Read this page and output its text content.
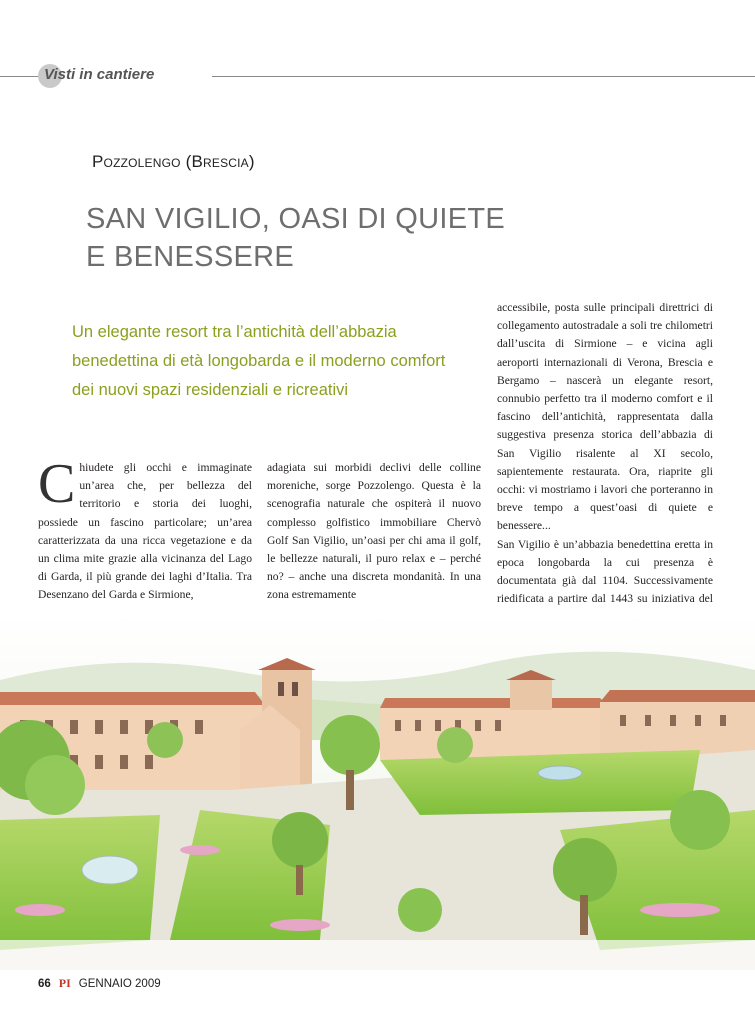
Visti in cantiere
Pozzolengo (Brescia)
SAN VIGILIO, OASI DI QUIETE
E BENESSERE
Un elegante resort tra l’antichità dell’abbazia benedettina di età longobarda e il moderno comfort dei nuovi spazi residenziali e ricreativi
C hiudete gli occhi e immaginate un’area che, per bellezza del territorio e storia dei luoghi, possiede un fascino particolare; un’area caratterizzata da una ricca vegetazione e da un clima mite grazie alla vicinanza del Lago di Garda, il più grande dei laghi d’Italia. Tra Desenzano del Garda e Sirmione,
adagiata sui morbidi declivi delle colline moreniche, sorge Pozzolengo. Questa è la scenografia naturale che ospiterà il nuovo complesso golfistico immobiliare Chervò Golf San Vigilio, un’oasi per chi ama il golf, le bellezze naturali, il puro relax e – perché no? – anche una discreta mondanità. In una zona estremamente

accessibile, posta sulle principali direttrici di collegamento autostradale a soli tre chilometri dall’uscita di Sirmione – e vicina agli aeroporti internazionali di Verona, Brescia e Bergamo – nascerà un elegante resort, connubio perfetto tra il moderno comfort e il fascino dell’antichità, rappresentata dalla suggestiva presenza storica dell’abbazia di San Vigilio risalente al XI secolo, sapientemente restaurata. Ora, riaprite gli occhi: vi mostriamo i lavori che porteranno in breve tempo a quest’oasi di quiete e benessere...

San Vigilio è un’abbazia benedettina eretta in epoca longobarda la cui presenza è documentata già dal 1104. Successivamente riedificata a partire dal 1443 su iniziativa del

66 PI GENNAIO 2009
